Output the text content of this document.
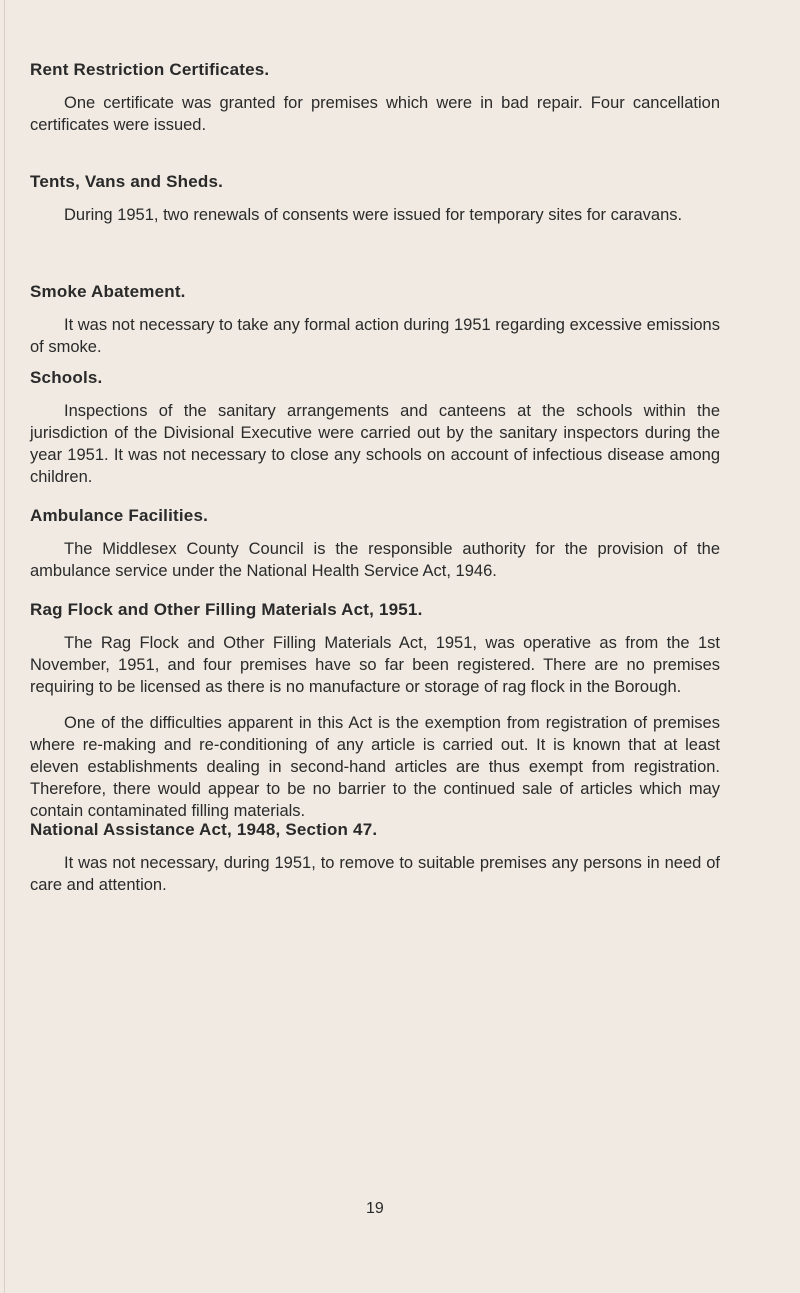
Rent Restriction Certificates.

One certificate was granted for premises which were in bad repair. Four cancellation certificates were issued.

Tents, Vans and Sheds.

During 1951, two renewals of consents were issued for temporary sites for caravans.

Smoke Abatement.

It was not necessary to take any formal action during 1951 regarding excessive emissions of smoke.

Schools.

Inspections of the sanitary arrangements and canteens at the schools within the jurisdiction of the Divisional Executive were carried out by the sanitary inspectors during the year 1951. It was not necessary to close any schools on account of infectious disease among children.

Ambulance Facilities.

The Middlesex County Council is the responsible authority for the provision of the ambulance service under the National Health Service Act, 1946.

Rag Flock and Other Filling Materials Act, 1951.

The Rag Flock and Other Filling Materials Act, 1951, was operative as from the 1st November, 1951, and four premises have so far been registered. There are no premises requiring to be licensed as there is no manufacture or storage of rag flock in the Borough.

One of the difficulties apparent in this Act is the exemption from registration of premises where re-making and re-conditioning of any article is carried out. It is known that at least eleven establishments dealing in second-hand articles are thus exempt from registration. Therefore, there would appear to be no barrier to the continued sale of articles which may contain contaminated filling materials.

National Assistance Act, 1948, Section 47.

It was not necessary, during 1951, to remove to suitable premises any persons in need of care and attention.

19
